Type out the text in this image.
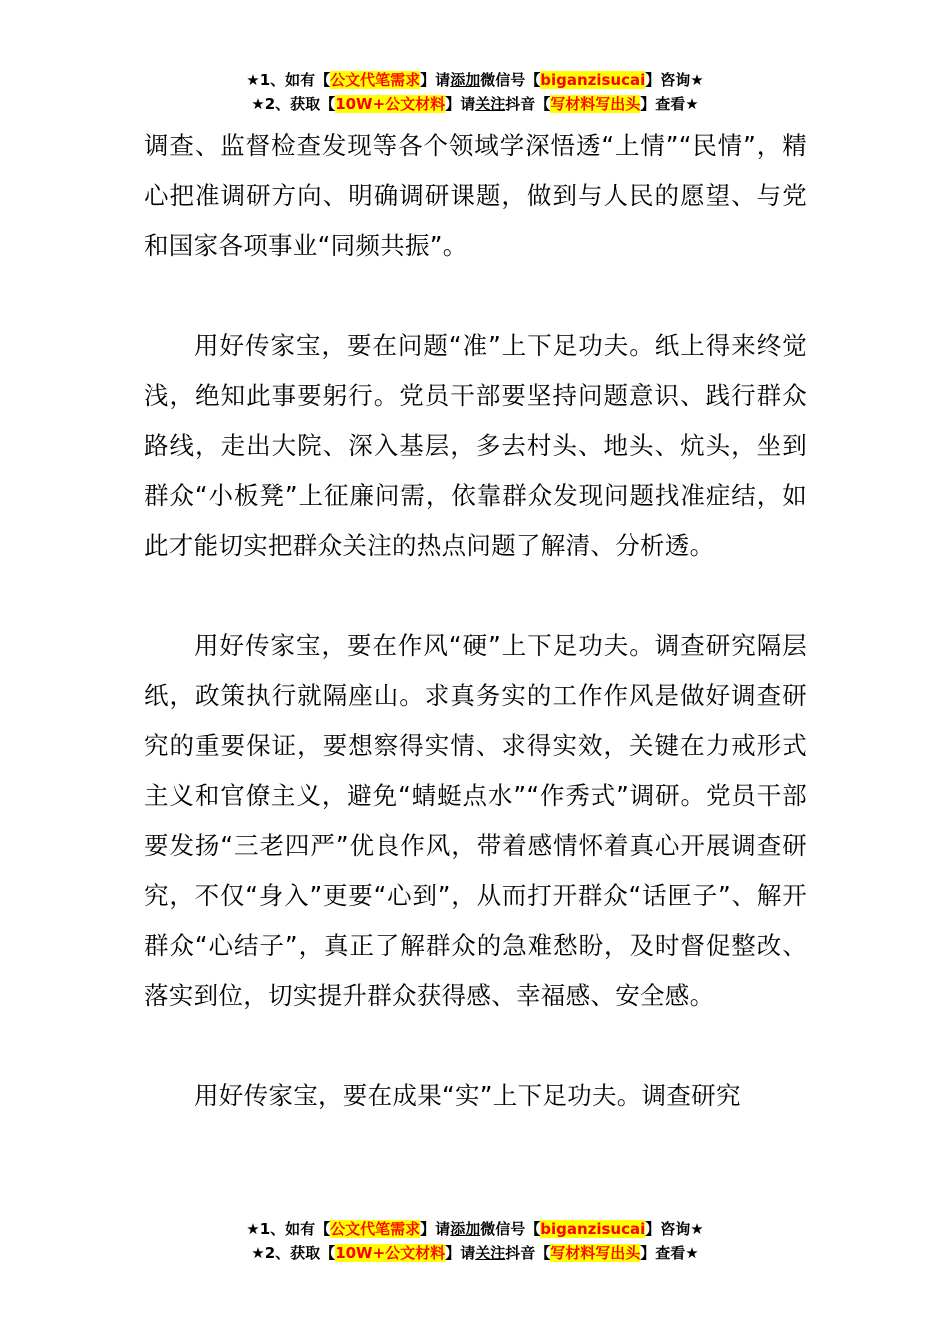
★1、如有【公文代笔需求】请添加微信号【biganzisucai】咨询★
★2、获取【10W+公文材料】请关注抖音【写材料写出头】查看★

调查、监督检查发现等各个领域学深悟透“上情”“民情”，精心把准调研方向、明确调研课题，做到与人民的愿望、与党和国家各项事业“同频共振”。

用好传家宝，要在问题“准”上下足功夫。纸上得来终觉浅，绝知此事要躬行。党员干部要坚持问题意识、践行群众路线，走出大院、深入基层，多去村头、地头、炕头，坐到群众“小板凳”上征廉问需，依靠群众发现问题找准症结，如此才能切实把群众关注的热点问题了解清、分析透。

用好传家宝，要在作风“硬”上下足功夫。调查研究隔层纸，政策执行就隔座山。求真务实的工作作风是做好调查研究的重要保证，要想察得实情、求得实效，关键在力戒形式主义和官僚主义，避免“蜻蜓点水”“作秀式”调研。党员干部要发扬“三老四严”优良作风，带着感情怀着真心开展调查研究，不仅“身入”更要“心到”，从而打开群众“话匣子”、解开群众“心结子”，真正了解群众的急难愁盼，及时督促整改、落实到位，切实提升群众获得感、幸福感、安全感。

用好传家宝，要在成果“实”上下足功夫。调查研究

★1、如有【公文代笔需求】请添加微信号【biganzisucai】咨询★
★2、获取【10W+公文材料】请关注抖音【写材料写出头】查看★
